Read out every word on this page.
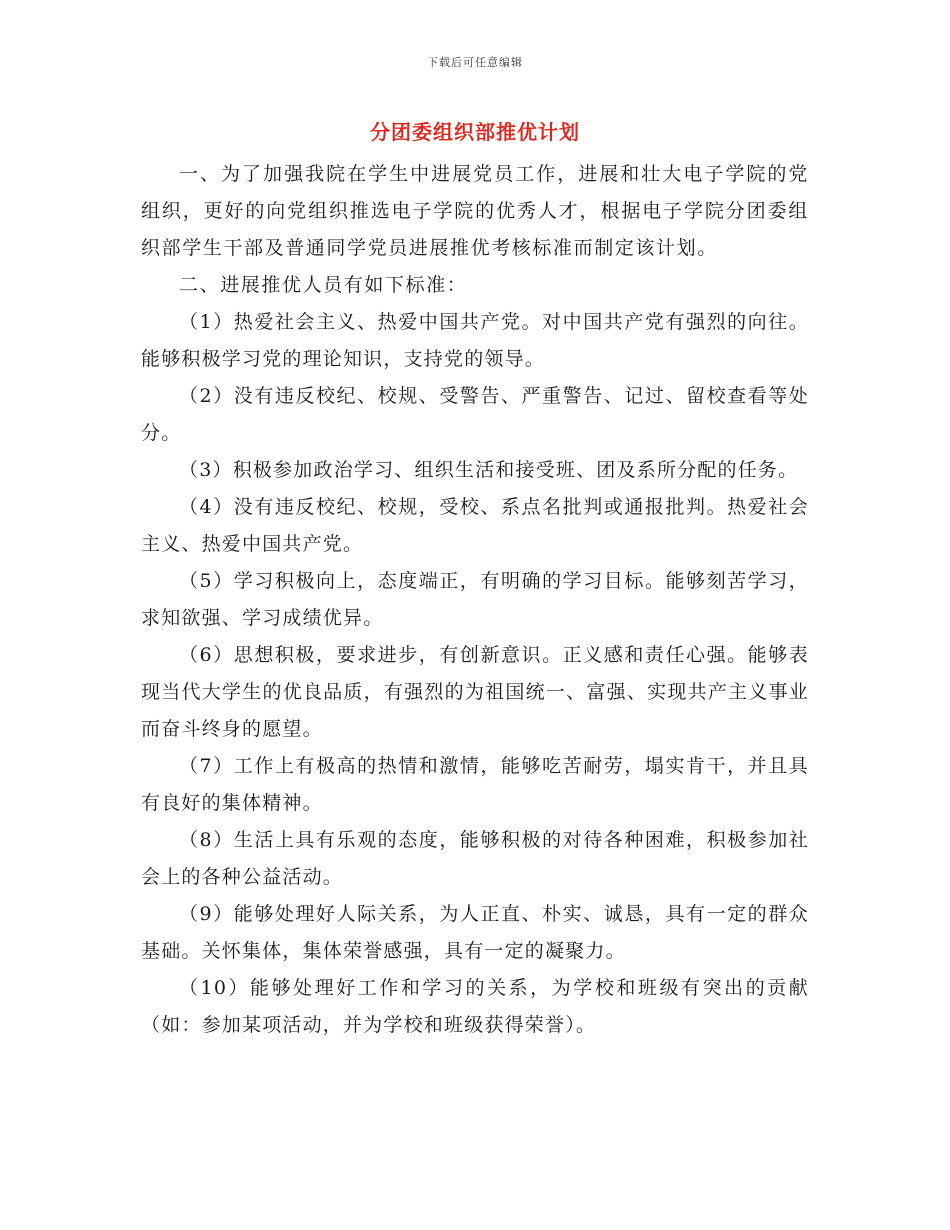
下载后可任意编辑
分团委组织部推优计划

一、为了加强我院在学生中进展党员工作，进展和壮大电子学院的党组织，更好的向党组织推选电子学院的优秀人才，根据电子学院分团委组织部学生干部及普通同学党员进展推优考核标准而制定该计划。

二、进展推优人员有如下标准：

（1）热爱社会主义、热爱中国共产党。对中国共产党有强烈的向往。能够积极学习党的理论知识，支持党的领导。

（2）没有违反校纪、校规、受警告、严重警告、记过、留校查看等处分。

（3）积极参加政治学习、组织生活和接受班、团及系所分配的任务。

（4）没有违反校纪、校规，受校、系点名批判或通报批判。热爱社会主义、热爱中国共产党。

（5）学习积极向上，态度端正，有明确的学习目标。能够刻苦学习，求知欲强、学习成绩优异。

（6）思想积极，要求进步，有创新意识。正义感和责任心强。能够表现当代大学生的优良品质，有强烈的为祖国统一、富强、实现共产主义事业而奋斗终身的愿望。

（7）工作上有极高的热情和激情，能够吃苦耐劳，塌实肯干，并且具有良好的集体精神。

（8）生活上具有乐观的态度，能够积极的对待各种困难，积极参加社会上的各种公益活动。

（9）能够处理好人际关系，为人正直、朴实、诚恳，具有一定的群众基础。关怀集体，集体荣誉感强，具有一定的凝聚力。

（10）能够处理好工作和学习的关系，为学校和班级有突出的贡献（如：参加某项活动，并为学校和班级获得荣誉）。
